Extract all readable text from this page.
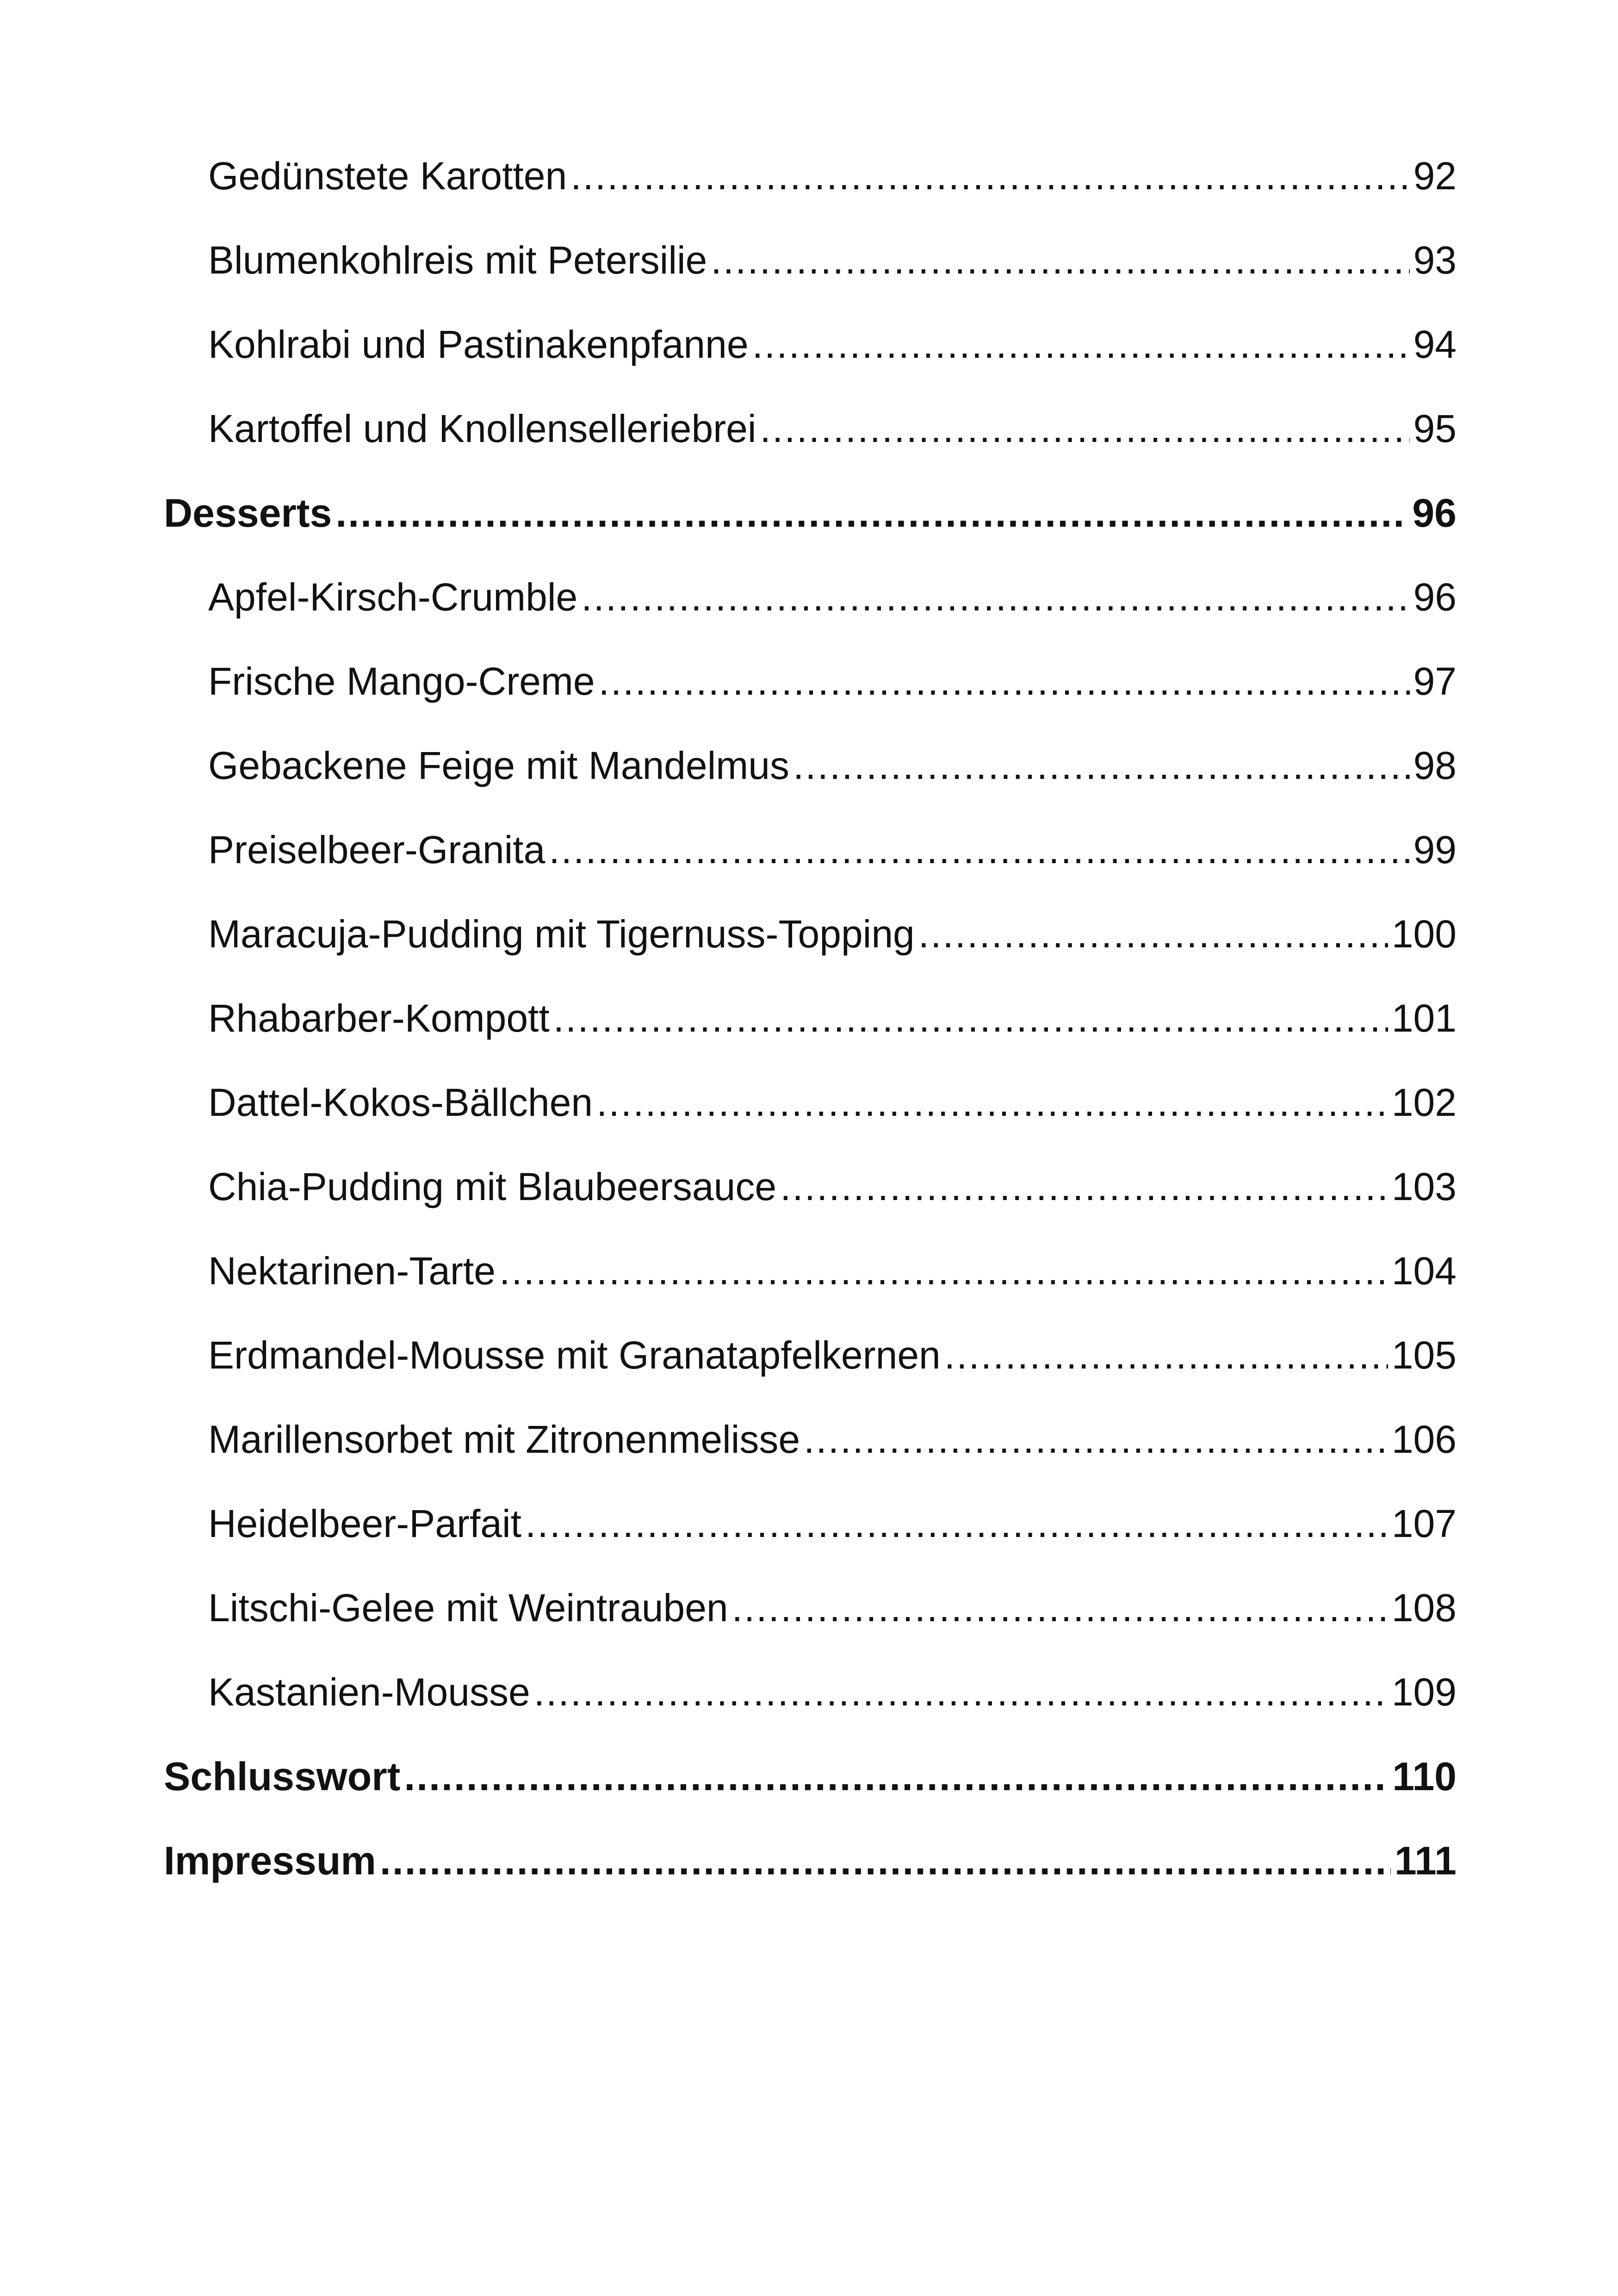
Gedünstete Karotten .....	92
Blumenkohlreis mit Petersilie .....	93
Kohlrabi und Pastinakenpfanne .....	94
Kartoffel und Knollenselleriebrei .....	95
Desserts .....	96
Apfel-Kirsch-Crumble .....	96
Frische Mango-Creme .....	97
Gebackene Feige mit Mandelmus .....	98
Preiselbeer-Granita .....	99
Maracuja-Pudding mit Tigernuss-Topping .....	100
Rhabarber-Kompott .....	101
Dattel-Kokos-Bällchen .....	102
Chia-Pudding mit Blaubeersauce .....	103
Nektarinen-Tarte .....	104
Erdmandel-Mousse mit Granatapfelkernen .....	105
Marillensorbet mit Zitronenmelisse .....	106
Heidelbeer-Parfait .....	107
Litschi-Gelee mit Weintrauben .....	108
Kastanien-Mousse .....	109
Schlusswort .....	110
Impressum .....	111
